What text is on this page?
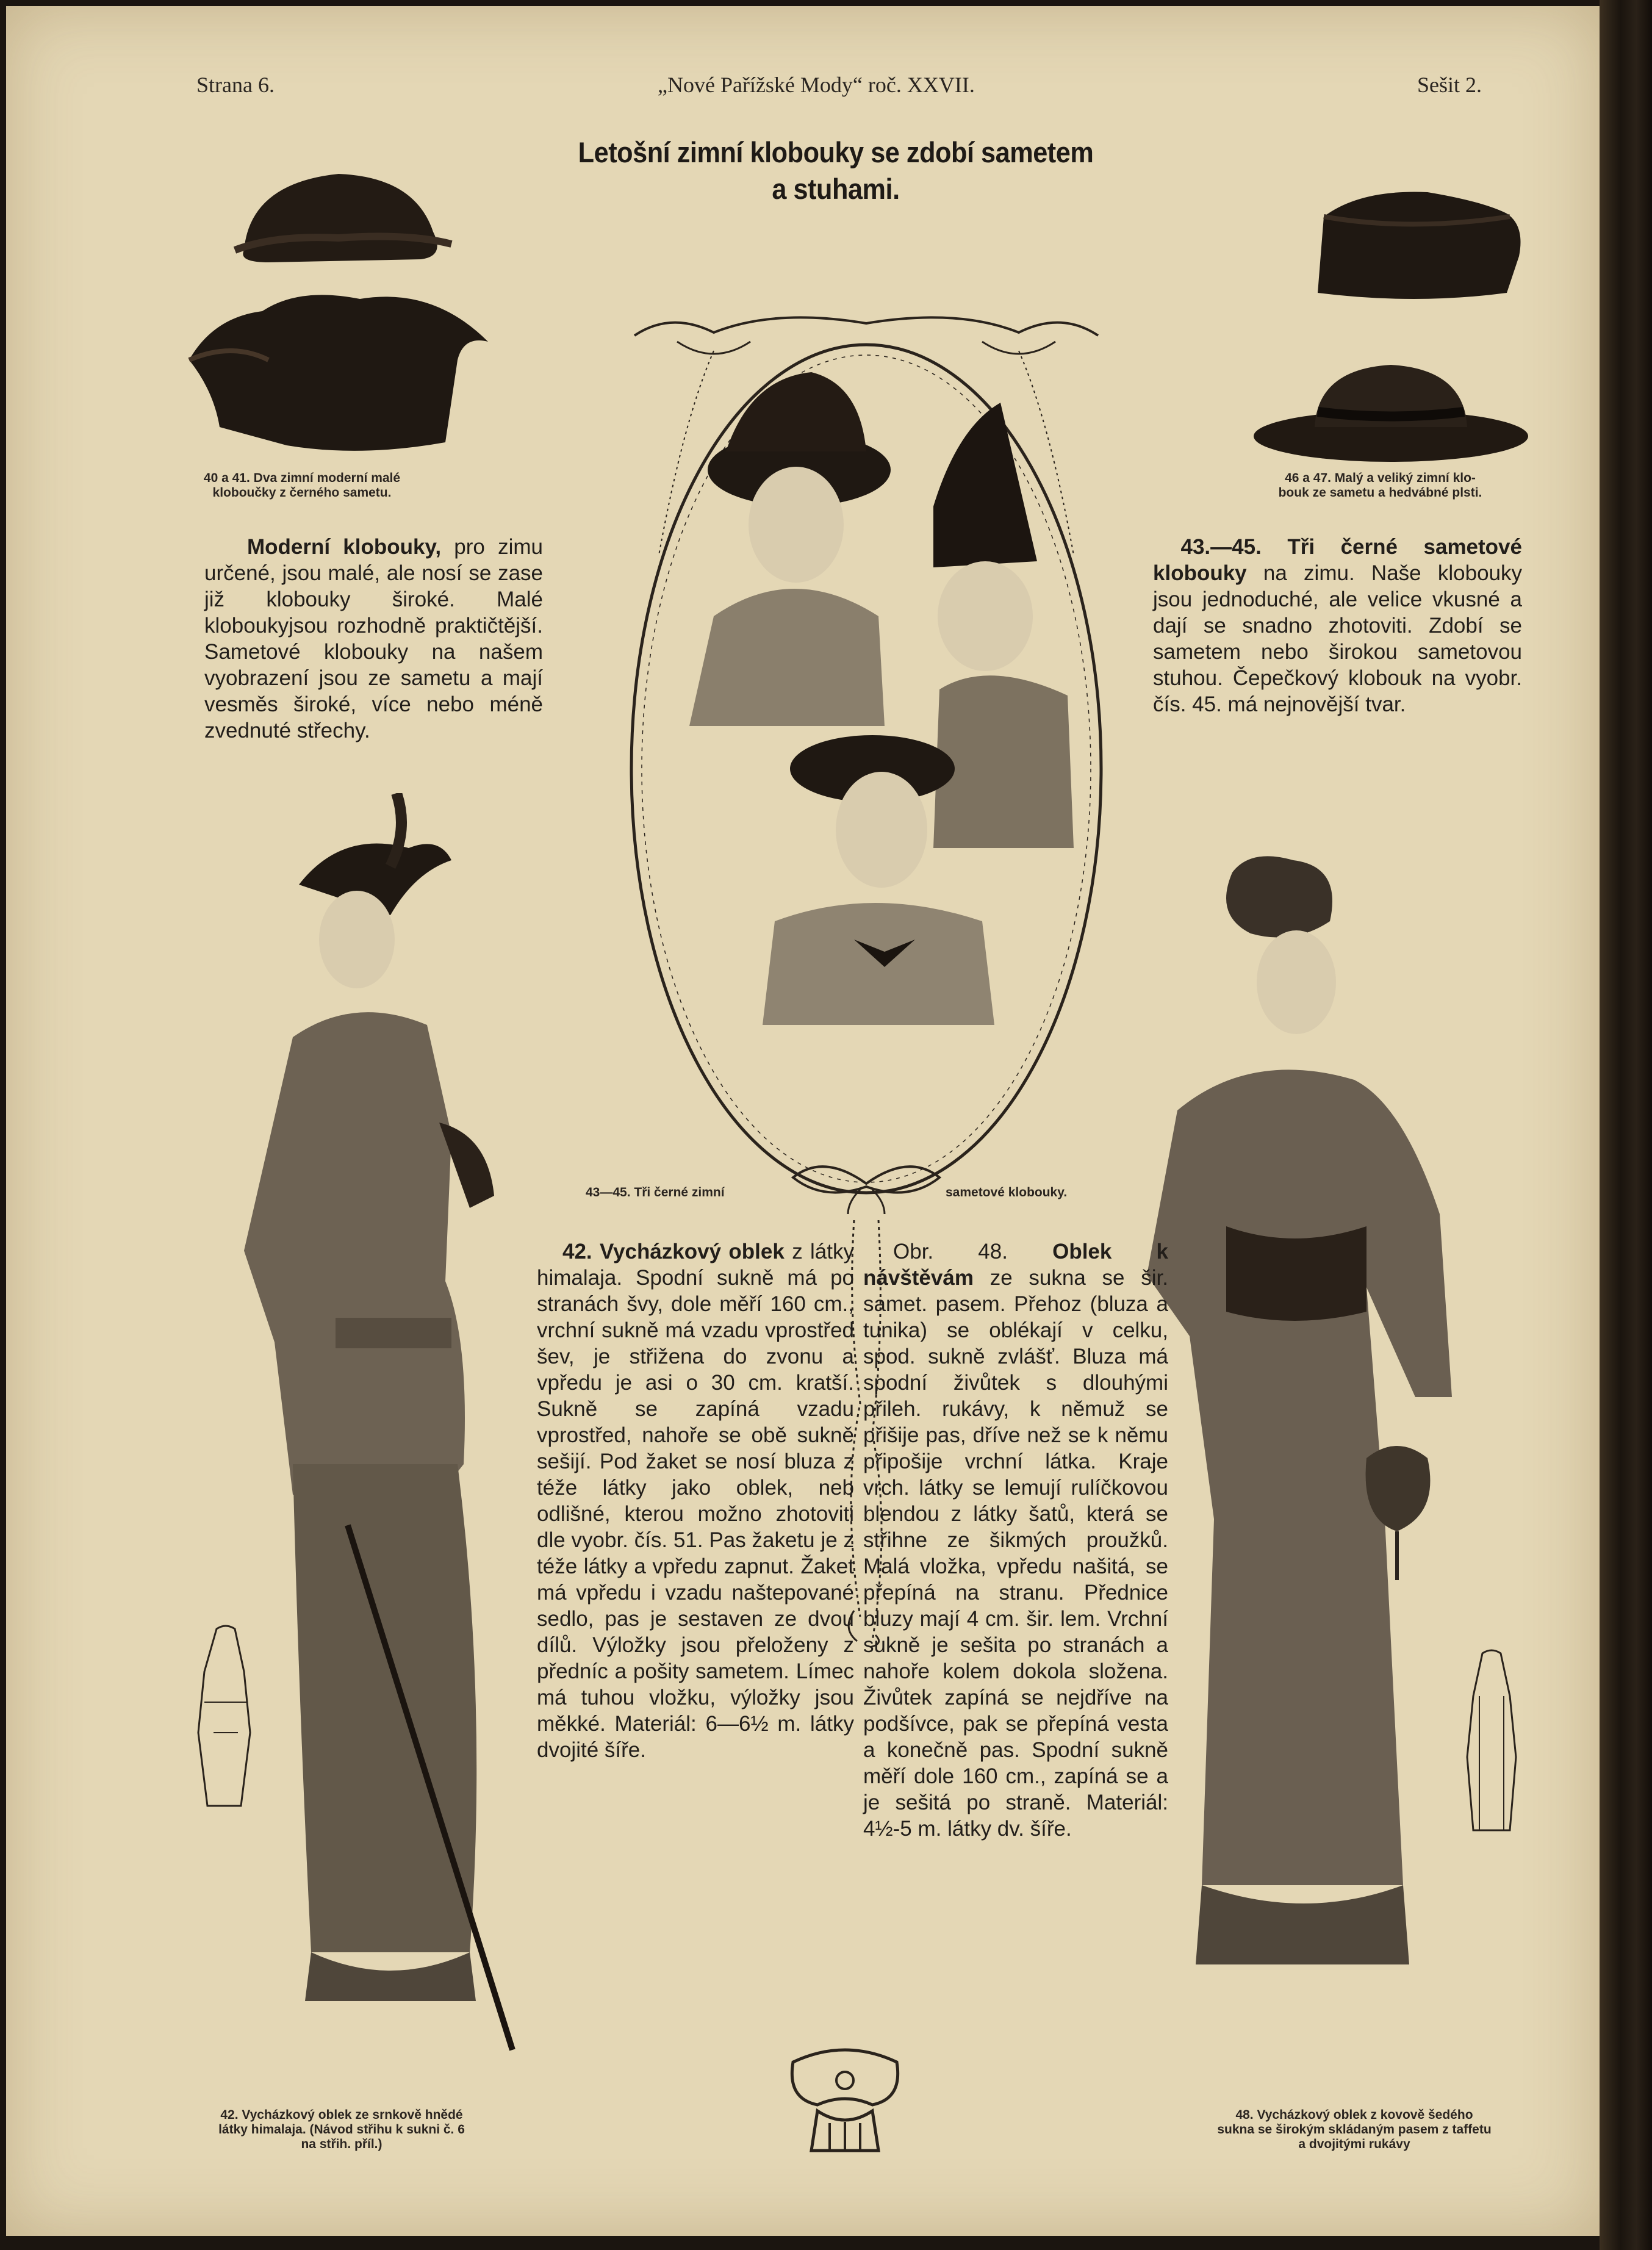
Strana 6.	„Nové Pařížské Mody“ roč. XXVII.	Sešit 2.
Letošní zimní klobouky se zdobí sametem
a stuhami.
40 a 41. Dva zimní moderní malé
kloboučky z černého sametu.
46 a 47. Malý a veliký zimní klo-
bouk ze sametu a hedvábné plsti.
Moderní klobouky, pro zimu určené, jsou malé, ale nosí se zase již klobouky široké. Malé kloboukyjsou rozhodně praktičtější. Sametové klobouky na našem vyobrazení jsou ze sametu a mají vesměs široké, více nebo méně zvednuté střechy.
43.—45. Tři černé sametové klobouky na zimu. Naše klobouky jsou jednoduché, ale velice vkusné a dají se snadno zhotoviti. Zdobí se sametem nebo širokou sametovou stuhou. Čepečkový klobouk na vyobr. čís. 45. má nejnovější tvar.
43—45. Tři černé zimní	sametové klobouky.
42. Vycházkový oblek z látky himalaja. Spodní sukně má po stranách švy, dole měří 160 cm., vrchní sukně má vzadu vprostřed šev, je střižena do zvonu a vpředu je asi o 30 cm. kratší. Sukně se zapíná vzadu vprostřed, nahoře se obě sukně sešijí. Pod žaket se nosí bluza z téže látky jako oblek, neb odlišné, kterou možno zhotoviti dle vyobr. čís. 51. Pas žaketu je z téže látky a vpředu zapnut. Žaket má vpředu i vzadu naštepované sedlo, pas je sestaven ze dvou dílů. Výložky jsou přeloženy z předníc a pošity sametem. Límec má tuhou vložku, výložky jsou měkké. Materiál: 6—6½ m. látky dvojité šíře.
Obr. 48. Oblek k návštěvám ze sukna se šir. samet. pasem. Přehoz (bluza a tunika) se oblékají v celku, spod. sukně zvlášť. Bluza má spodní živůtek s dlouhými přileh. rukávy, k němuž se přišije pas, dříve než se k němu připošije vrchní látka. Kraje vrch. látky se lemují rulíčkovou blendou z látky šatů, která se střihne ze šikmých proužků. Malá vložka, vpředu našitá, se přepíná na stranu. Přednice bluzy mají 4 cm. šir. lem. Vrchní sukně je sešita po stranách a nahoře kolem dokola složena. Živůtek zapíná se nejdříve na podšívce, pak se přepíná vesta a konečně pas. Spodní sukně měří dole 160 cm., zapíná se a je sešitá po straně. Materiál: 4½-5 m. látky dv. šíře.
42. Vycházkový oblek ze srnkově hnědé
látky himalaja. (Návod střihu k sukni č. 6
na střih. příl.)
48. Vycházkový oblek z kovově šedého
sukna se širokým skládaným pasem z taffetu
a dvojitými rukávy
